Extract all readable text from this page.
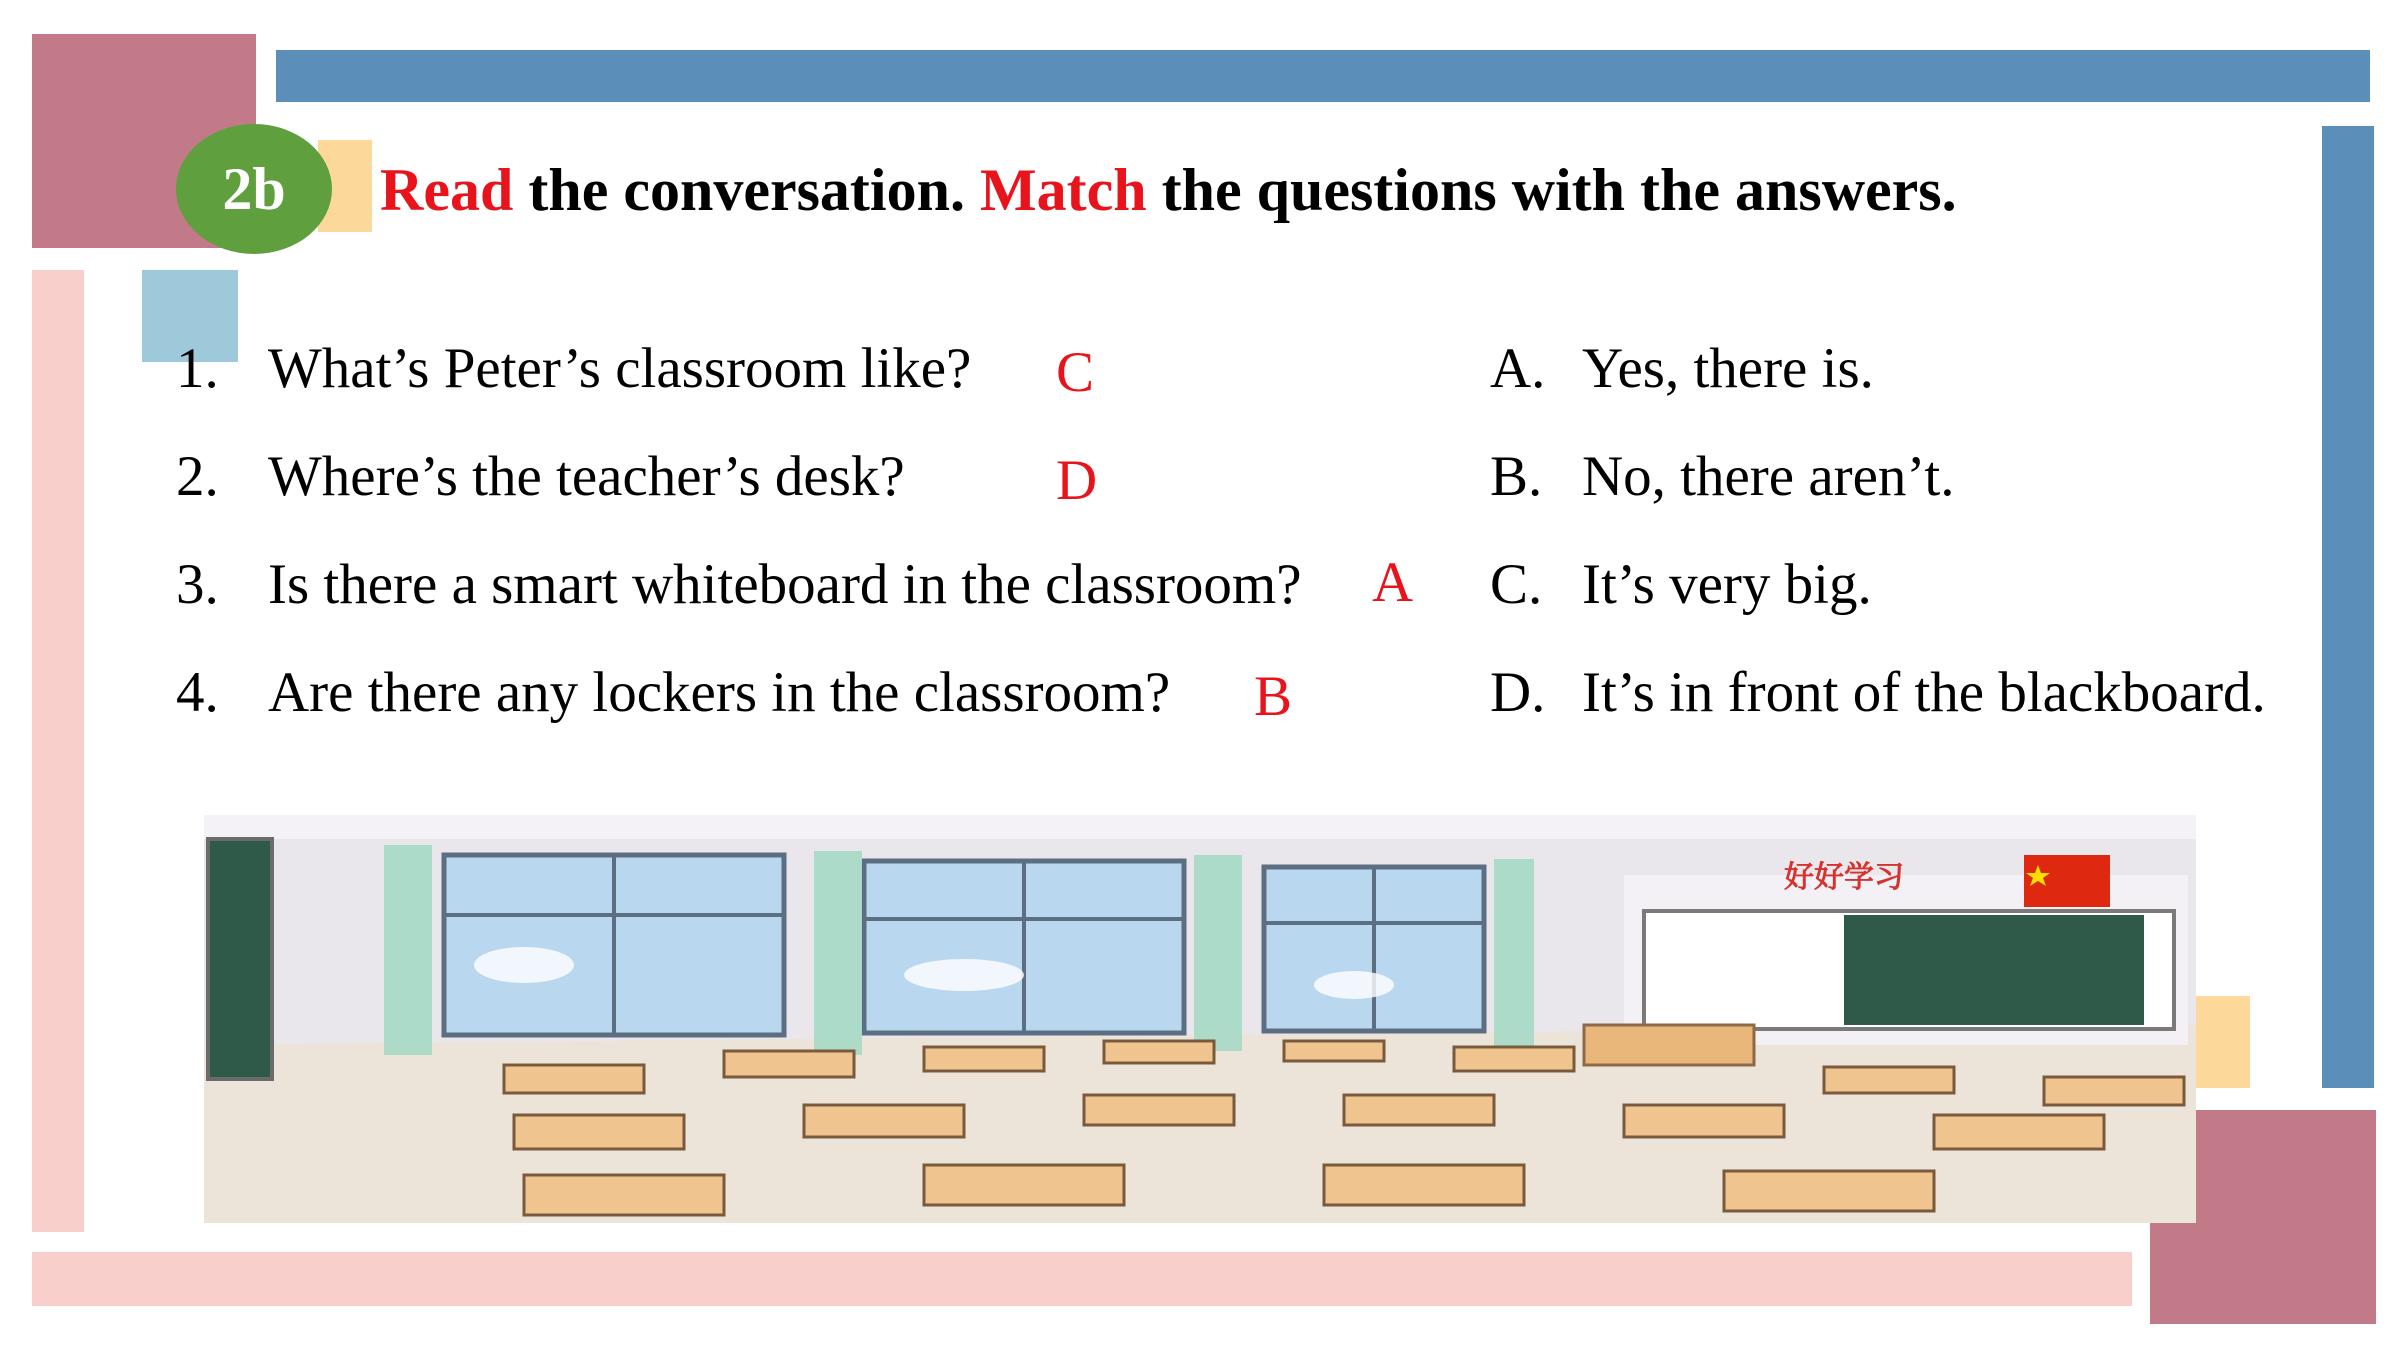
2b	Read the conversation. Match the questions with the answers.
1. What’s Peter’s classroom like? C
2. Where’s the teacher’s desk?	D
3. Is there a smart whiteboard in the classroom? A
4. Are there any lockers in the classroom? B
A. Yes, there is.
B. No, there aren’t.
C. It’s very big.
D. It’s in front of the blackboard.
好好学习
